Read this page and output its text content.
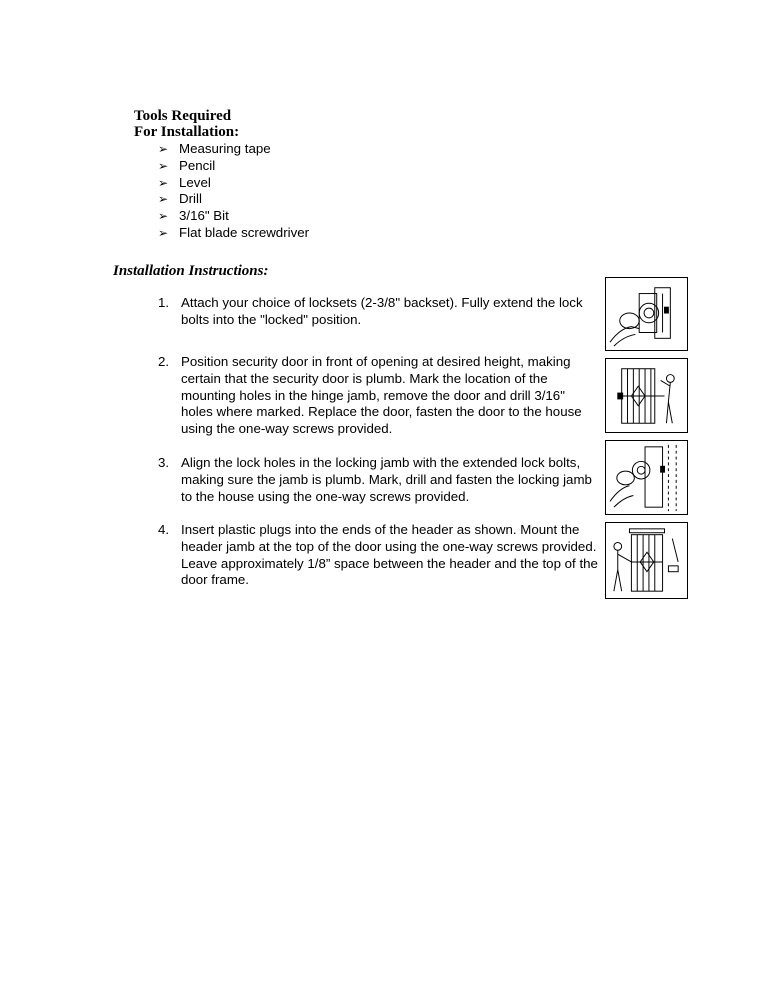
Tools Required
For Installation:
➢ Measuring tape
➢ Pencil
➢ Level
➢ Drill
➢ 3/16" Bit
➢ Flat blade screwdriver
Installation Instructions:
1. Attach your choice of locksets (2-3/8" backset). Fully extend the lock bolts into the "locked" position.
2. Position security door in front of opening at desired height, making certain that the security door is plumb. Mark the location of the mounting holes in the hinge jamb, remove the door and drill 3/16" holes where marked. Replace the door, fasten the door to the house using the one-way screws provided.
3. Align the lock holes in the locking jamb with the extended lock bolts, making sure the jamb is plumb. Mark, drill and fasten the locking jamb to the house using the one-way screws provided.
4. Insert plastic plugs into the ends of the header as shown. Mount the header jamb at the top of the door using the one-way screws provided. Leave approximately 1/8” space between the header and the top of the door frame.
